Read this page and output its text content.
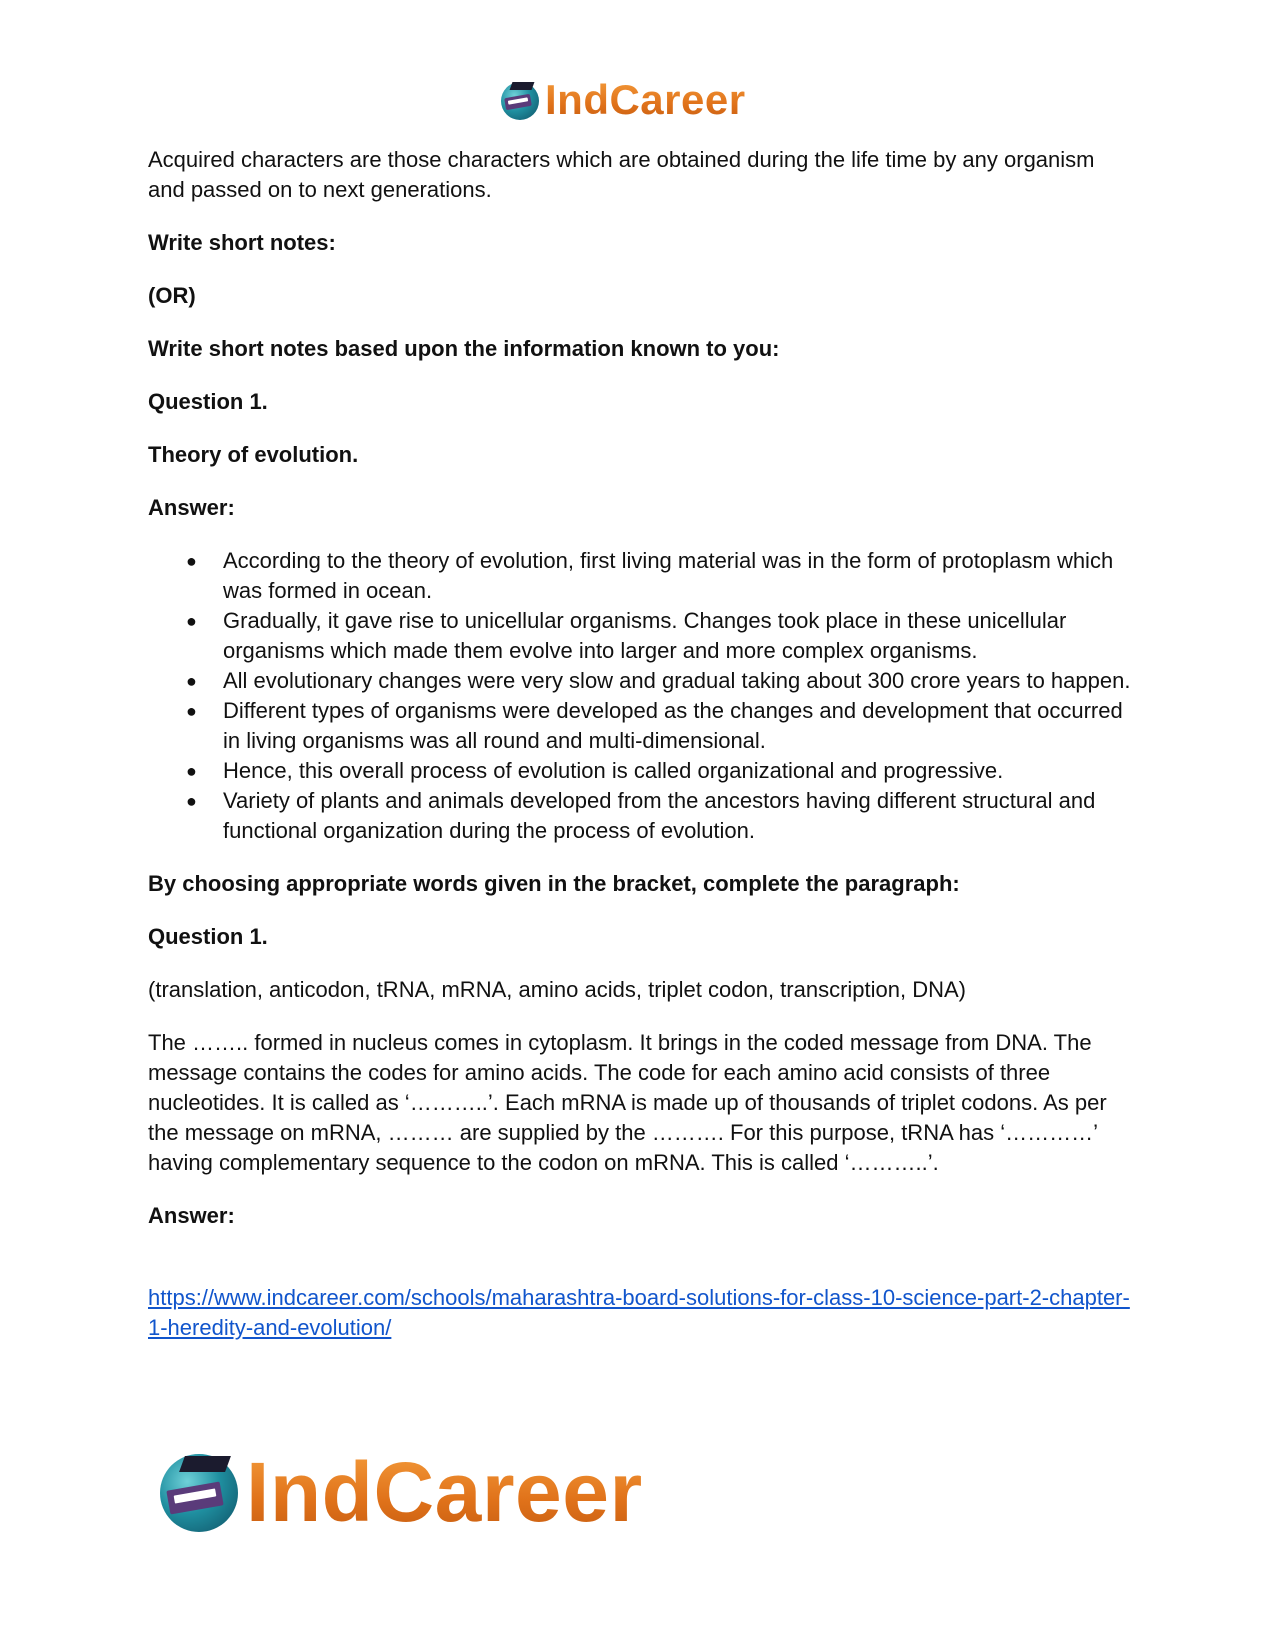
IndCareer

Acquired characters are those characters which are obtained during the life time by any organism and passed on to next generations.

Write short notes:

(OR)

Write short notes based upon the information known to you:

Question 1.

Theory of evolution.

Answer:

● According to the theory of evolution, first living material was in the form of protoplasm which was formed in ocean.
● Gradually, it gave rise to unicellular organisms. Changes took place in these unicellular organisms which made them evolve into larger and more complex organisms.
● All evolutionary changes were very slow and gradual taking about 300 crore years to happen.
● Different types of organisms were developed as the changes and development that occurred in living organisms was all round and multi-dimensional.
● Hence, this overall process of evolution is called organizational and progressive.
● Variety of plants and animals developed from the ancestors having different structural and functional organization during the process of evolution.

By choosing appropriate words given in the bracket, complete the paragraph:

Question 1.

(translation, anticodon, tRNA, mRNA, amino acids, triplet codon, transcription, DNA)

The …….. formed in nucleus comes in cytoplasm. It brings in the coded message from DNA. The message contains the codes for amino acids. The code for each amino acid consists of three nucleotides. It is called as ‘………..’. Each mRNA is made up of thousands of triplet codons. As per the message on mRNA, ……… are supplied by the ………. For this purpose, tRNA has ‘…………’ having complementary sequence to the codon on mRNA. This is called ‘………..’.

Answer:

https://www.indcareer.com/schools/maharashtra-board-solutions-for-class-10-science-part-2-chapter-1-heredity-and-evolution/

IndCareer
